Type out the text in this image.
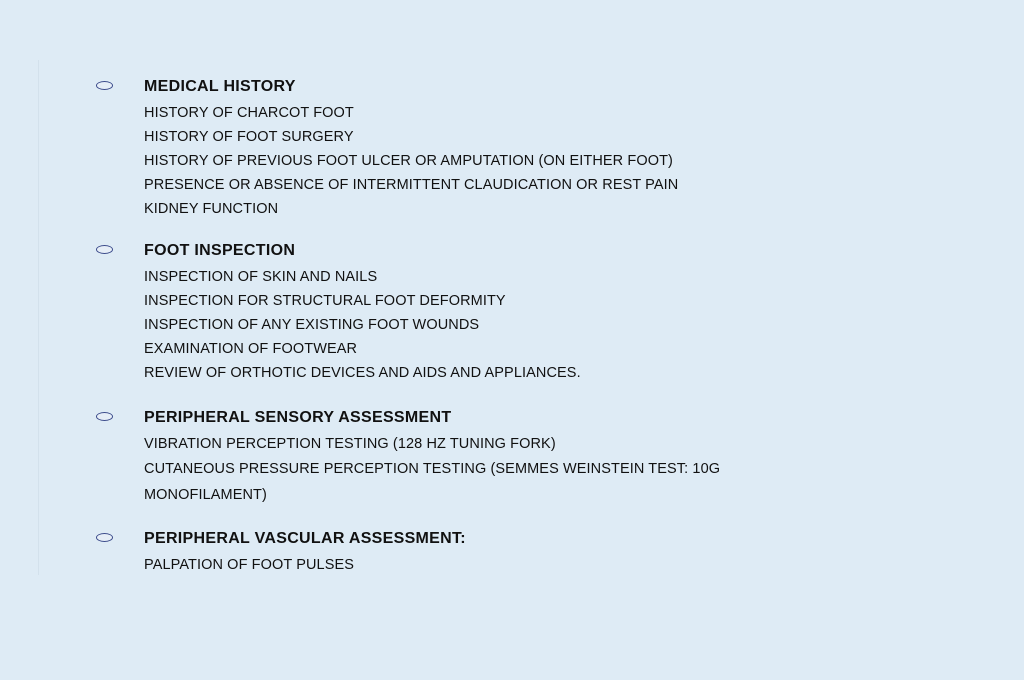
MEDICAL HISTORY
HISTORY OF CHARCOT FOOT
HISTORY OF FOOT SURGERY
HISTORY OF PREVIOUS FOOT ULCER OR AMPUTATION (ON EITHER FOOT)
PRESENCE OR ABSENCE OF INTERMITTENT CLAUDICATION OR REST PAIN
KIDNEY FUNCTION
FOOT INSPECTION
INSPECTION OF SKIN AND NAILS
INSPECTION FOR STRUCTURAL FOOT DEFORMITY
INSPECTION OF ANY EXISTING FOOT WOUNDS
EXAMINATION OF FOOTWEAR
REVIEW OF ORTHOTIC DEVICES AND AIDS AND APPLIANCES.
PERIPHERAL SENSORY ASSESSMENT
VIBRATION PERCEPTION TESTING (128 HZ TUNING FORK)
CUTANEOUS PRESSURE PERCEPTION TESTING (SEMMES WEINSTEIN TEST: 10G MONOFILAMENT)
PERIPHERAL VASCULAR ASSESSMENT:
PALPATION OF FOOT PULSES
